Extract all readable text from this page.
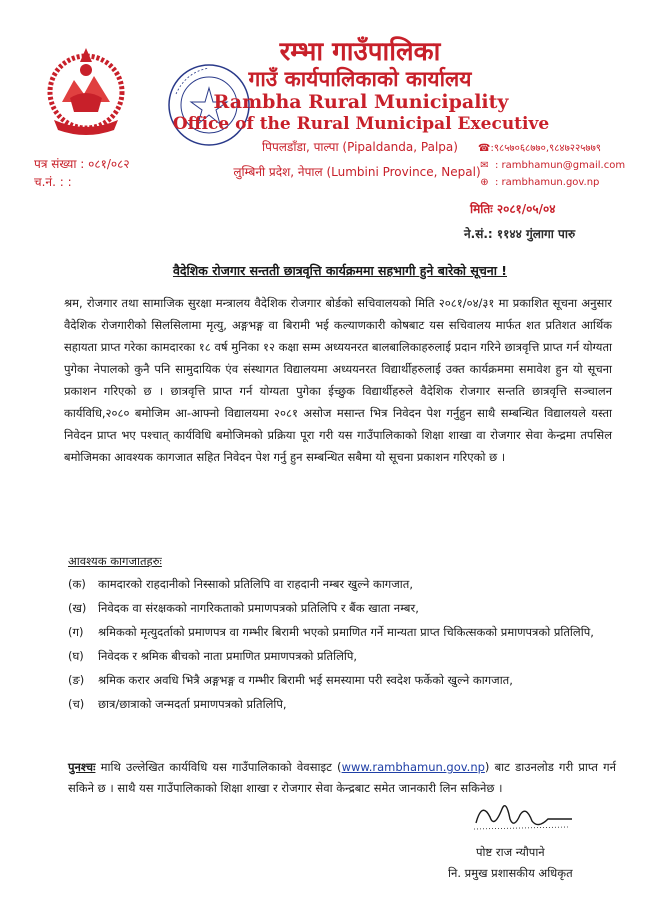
रम्भा गाउँपालिका
गाउँ कार्यपालिकाको कार्यालय
Rambha Rural Municipality
Office of the Rural Municipal Executive
पिपलडाँडा, पाल्पा (Pipaldanda, Palpa)
लुम्बिनी प्रदेश, नेपाल (Lumbini Province, Nepal)
☎:९८५७०६८७७०,९८४७२२५७७९
✉ : rambhamun@gmail.com
⊕ : rambhamun.gov.np
पत्र संख्या : ०८१/०८२
च.नं. : :
मितिः २०८१/०५/०४
ने.सं.: ११४४ गुंलागा पारु
वैदेशिक रोजगार सन्तती छात्रवृत्ति कार्यक्रममा सहभागी हुने बारेको सूचना !
श्रम, रोजगार तथा सामाजिक सुरक्षा मन्त्रालय वैदेशिक रोजगार बोर्डको सचिवालयको मिति २०८१/०४/३१ मा प्रकाशित सूचना अनुसार वैदेशिक रोजगारीको सिलसिलामा मृत्यु, अङ्गभङ्ग वा बिरामी भई कल्याणकारी कोषबाट यस सचिवालय मार्फत शत प्रतिशत आर्थिक सहायता प्राप्त गरेका कामदारका १८ वर्ष मुनिका १२ कक्षा सम्म अध्ययनरत बालबालिकाहरुलाई प्रदान गरिने छात्रवृत्ति प्राप्त गर्न योग्यता पुगेका नेपालको कुनै पनि सामुदायिक एंव संस्थागत विद्यालयमा अध्ययनरत विद्यार्थीहरुलाई उक्त कार्यक्रममा समावेश हुन यो सूचना प्रकाशन गरिएको छ । छात्रवृत्ति प्राप्त गर्न योग्यता पुगेका ईच्छुक विद्यार्थीहरुले वैदेशिक रोजगार सन्तति छात्रवृत्ति सञ्चालन कार्यविधि,२०८० बमोजिम आ-आफ्नो विद्यालयमा २०८१ असोज मसान्त भित्र निवेदन पेश गर्नुहुन साथै सम्बन्धित विद्यालयले यस्ता निवेदन प्राप्त भए पश्चात् कार्यविधि बमोजिमको प्रक्रिया पूरा गरी यस गाउँपालिकाको शिक्षा शाखा वा रोजगार सेवा केन्द्रमा तपसिल बमोजिमका आवश्यक कागजात सहित निवेदन पेश गर्नु हुन सम्बन्धित सबैमा यो सूचना प्रकाशन गरिएको छ ।
आवश्यक कागजातहरुः
(क)	कामदारको राहदानीको निस्साको प्रतिलिपि वा राहदानी नम्बर खुल्ने कागजात,
(ख)	निवेदक वा संरक्षकको नागरिकताको प्रमाणपत्रको प्रतिलिपि र बैंक खाता नम्बर,
(ग)	श्रमिकको मृत्युदर्ताको प्रमाणपत्र वा गम्भीर बिरामी भएको प्रमाणित गर्ने मान्यता प्राप्त चिकित्सकको प्रमाणपत्रको प्रतिलिपि,
(घ)	निवेदक र श्रमिक बीचको नाता प्रमाणित प्रमाणपत्रको प्रतिलिपि,
(ङ)	श्रमिक करार अवधि भित्रै अङ्गभङ्ग व गम्भीर बिरामी भई समस्यामा परी स्वदेश फर्केको खुल्ने कागजात,
(च)	छात्र/छात्राको जन्मदर्ता प्रमाणपत्रको प्रतिलिपि,
पुनश्चः माथि उल्लेखित कार्यविधि यस गाउँपालिकाको वेवसाइट (www.rambhamun.gov.np) बाट डाउनलोड गरी प्राप्त गर्न सकिने छ । साथै यस गाउँपालिकाको शिक्षा शाखा र रोजगार सेवा केन्द्रबाट समेत जानकारी लिन सकिनेछ ।
पोष्ट राज न्यौपाने
नि. प्रमुख प्रशासकीय अधिकृत
